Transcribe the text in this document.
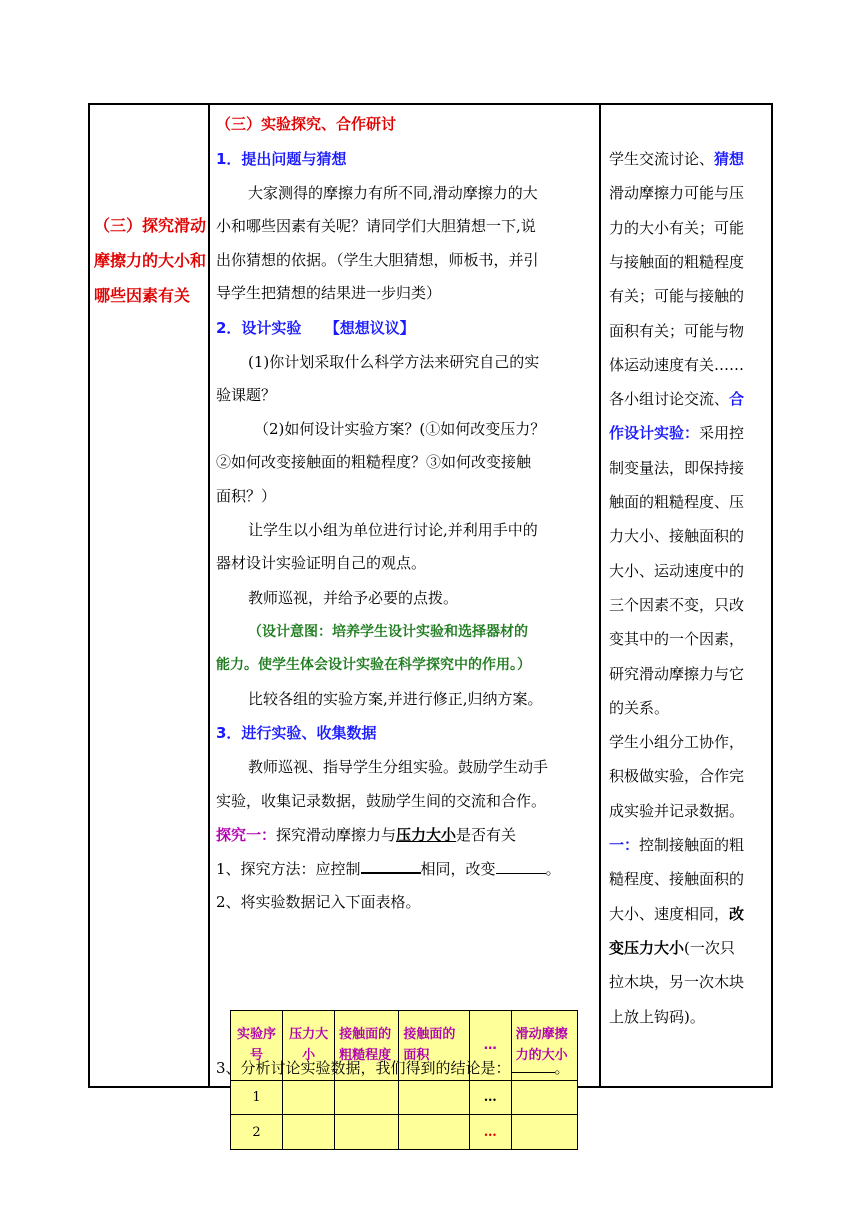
（三）探究滑动摩擦力的大小和哪些因素有关
（三）实验探究、合作研讨
1．提出问题与猜想
大家测得的摩擦力有所不同,滑动摩擦力的大
小和哪些因素有关呢？请同学们大胆猜想一下,说
出你猜想的依据。（学生大胆猜想，师板书，并引
导学生把猜想的结果进一步归类）
2．设计实验 【想想议议】
(1)你计划采取什么科学方法来研究自己的实
验课题？
（2)如何设计实验方案？(①如何改变压力？
②如何改变接触面的粗糙程度？③如何改变接触
面积？）
让学生以小组为单位进行讨论,并利用手中的
器材设计实验证明自己的观点。
教师巡视，并给予必要的点拨。
（设计意图：培养学生设计实验和选择器材的
能力。使学生体会设计实验在科学探究中的作用。）
比较各组的实验方案,并进行修正,归纳方案。
3．进行实验、收集数据
教师巡视、指导学生分组实验。鼓励学生动手
实验，收集记录数据，鼓励学生间的交流和合作。
探究一：探究滑动摩擦力与压力大小是否有关
1、探究方法：应控制	相同，改变	。
2、将实验数据记入下面表格。
实验序号	压力大小	接触面的粗糙程度	接触面的面积	…	滑动摩擦力的大小
1				…	
2				…	
3、分析讨论实验数据，我们得到的结论是：	。
学生交流讨论、猜想
滑动摩擦力可能与压
力的大小有关；可能
与接触面的粗糙程度
有关；可能与接触的
面积有关；可能与物
体运动速度有关……
各小组讨论交流、合
作设计实验：采用控
制变量法，即保持接
触面的粗糙程度、压
力大小、接触面积的
大小、运动速度中的
三个因素不变，只改
变其中的一个因素，
研究滑动摩擦力与它
的关系。
学生小组分工协作，
积极做实验，合作完
成实验并记录数据。
一：控制接触面的粗
糙程度、接触面积的
大小、速度相同，改
变压力大小(一次只
拉木块，另一次木块
上放上钩码)。
